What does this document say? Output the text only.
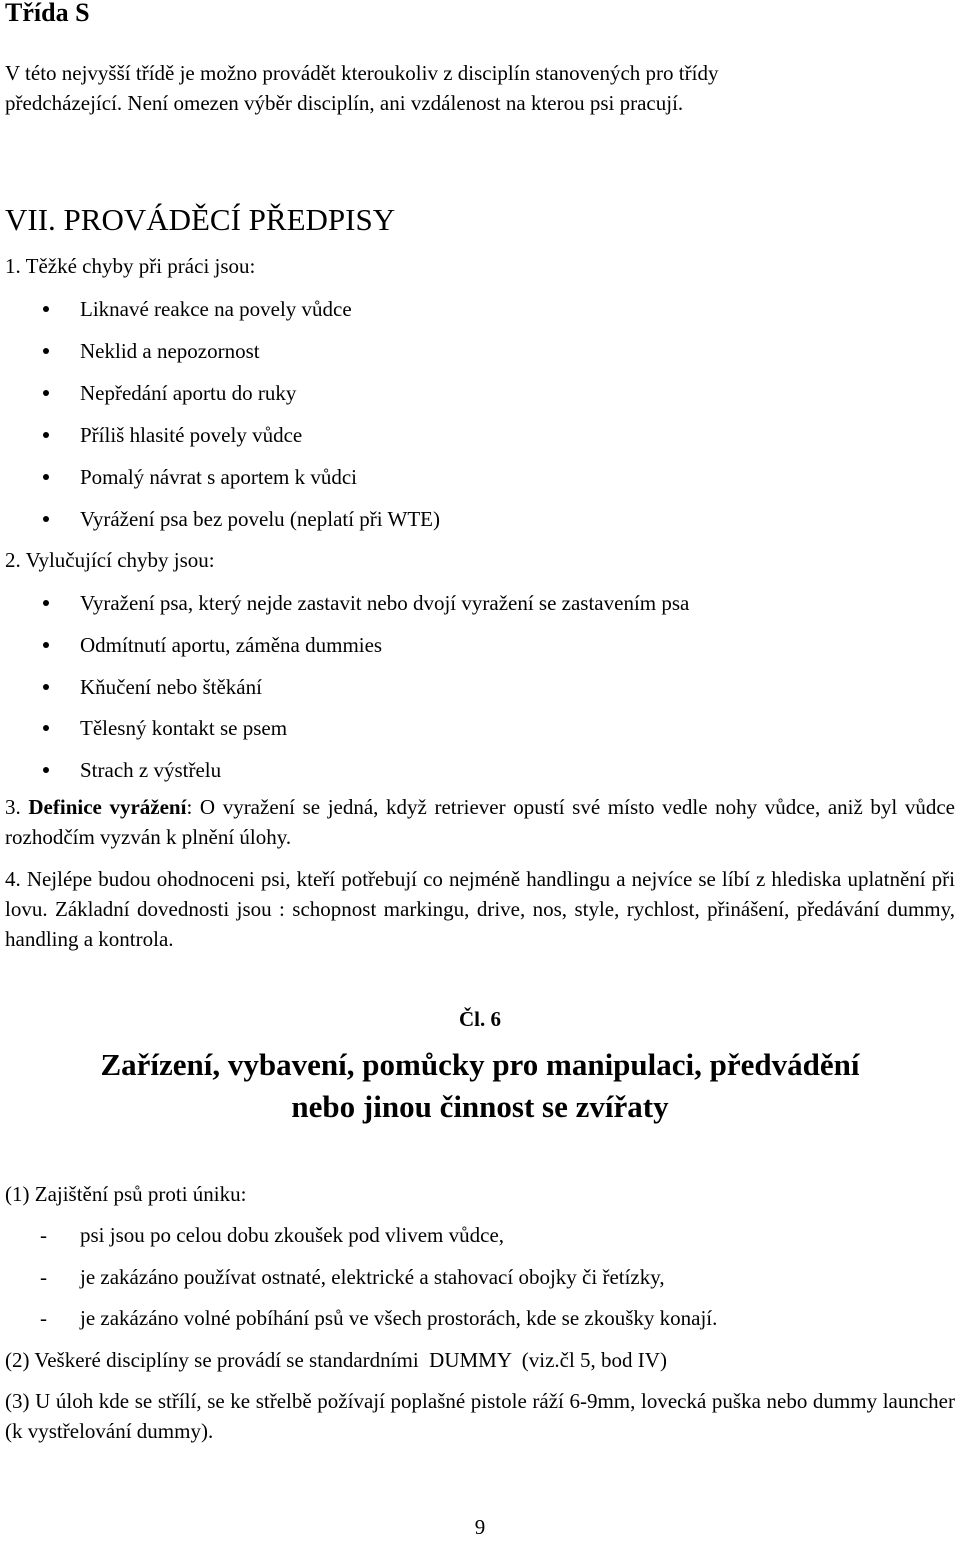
Třída S
V této nejvyšší třídě je možno provádět kteroukoliv z disciplín stanovených pro třídy
předcházející. Není omezen výběr disciplín, ani vzdálenost na kterou psi pracují.
VII. PROVÁDĚCÍ PŘEDPISY
1. Těžké chyby při práci jsou:
Liknavé reakce na povely vůdce
Neklid a nepozornost
Nepředání aportu do ruky
Příliš hlasité povely vůdce
Pomalý návrat s aportem k vůdci
Vyrážení psa bez povelu (neplatí při WTE)
2. Vylučující chyby jsou:
Vyražení psa, který nejde zastavit nebo dvojí vyražení se zastavením psa
Odmítnutí aportu, záměna dummies
Kňučení nebo štěkání
Tělesný kontakt se psem
Strach z výstřelu
3. Definice vyrážení: O vyražení se jedná, když retriever opustí své místo vedle nohy vůdce, aniž byl vůdce rozhodčím vyzván k plnění úlohy.
4. Nejlépe budou ohodnoceni psi, kteří potřebují co nejméně handlingu a nejvíce se líbí z hlediska uplatnění při lovu. Základní dovednosti jsou : schopnost markingu, drive, nos, style, rychlost, přinášení, předávání dummy, handling a kontrola.
Čl. 6
Zařízení, vybavení, pomůcky pro manipulaci, předvádění
nebo jinou činnost se zvířaty
(1) Zajištění psů proti úniku:
- psi jsou po celou dobu zkoušek pod vlivem vůdce,
- je zakázáno používat ostnaté, elektrické a stahovací obojky či řetízky,
- je zakázáno volné pobíhání psů ve všech prostorách, kde se zkoušky konají.
(2) Veškeré disciplíny se provádí se standardními  DUMMY  (viz.čl 5, bod IV)
(3) U úloh kde se střílí, se ke střelbě požívají poplašné pistole ráží 6-9mm, lovecká puška nebo dummy launcher (k vystřelování dummy).
9
